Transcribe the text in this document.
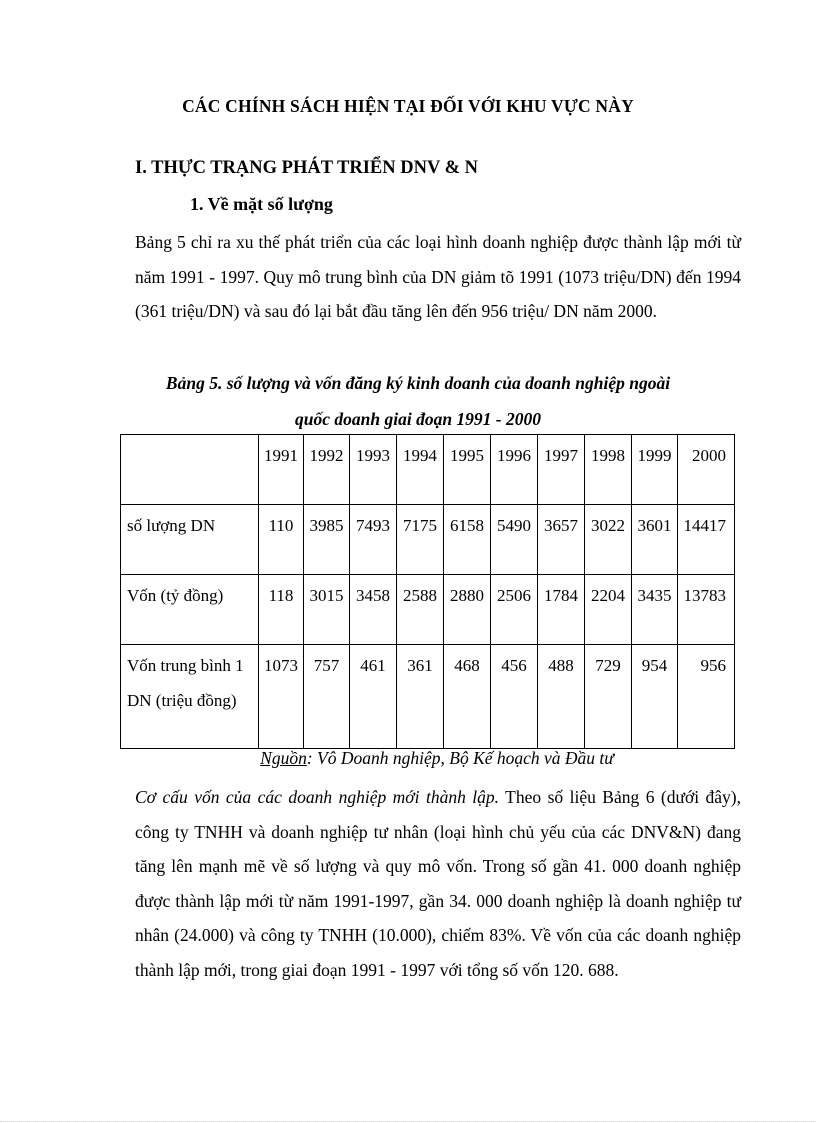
CÁC CHÍNH SÁCH HIỆN TẠI ĐỐI VỚI KHU VỰC NÀY
I. THỰC TRẠNG PHÁT TRIỂN DNV & N
1. Về mặt số lượng
Bảng 5 chỉ ra xu thế phát triển của các loại hình doanh nghiệp được thành lập mới từ năm 1991 - 1997. Quy mô trung bình của DN giảm tõ 1991 (1073 triệu/DN) đến 1994 (361 triệu/DN) và sau đó lại bắt đầu tăng lên đến 956 triệu/ DN năm 2000.
Bảng 5. số lượng và vốn đăng ký kinh doanh của doanh nghiệp ngoài
quốc doanh giai đoạn 1991 - 2000
	1991	1992	1993	1994	1995	1996	1997	1998	1999	2000
số lượng DN	110	3985	7493	7175	6158	5490	3657	3022	3601	14417
Vốn (tỷ đồng)	118	3015	3458	2588	2880	2506	1784	2204	3435	13783
Vốn trung bình 1 DN (triệu đồng)	1073	757	461	361	468	456	488	729	954	956
Nguồn: Vô Doanh nghiệp, Bộ Kế hoạch và Đầu tư
Cơ cấu vốn của các doanh nghiệp mới thành lập. Theo số liệu Bảng 6 (dưới đây), công ty TNHH và doanh nghiệp tư nhân (loại hình chủ yếu của các DNV&N) đang tăng lên mạnh mẽ về số lượng và quy mô vốn. Trong số gần 41. 000 doanh nghiệp được thành lập mới từ năm 1991-1997, gần 34. 000 doanh nghiệp là doanh nghiệp tư nhân (24.000) và công ty TNHH (10.000), chiếm 83%. Về vốn của các doanh nghiệp thành lập mới, trong giai đoạn 1991 - 1997 với tổng số vốn 120. 688.
